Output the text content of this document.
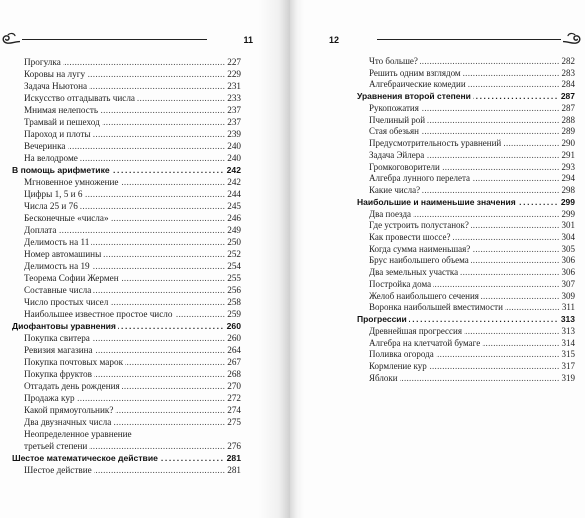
11	12
Прогулка .....	227
Коровы на лугу .....	229
Задача Ньютона .....	231
Искусство отгадывать числа .....	233
Мнимая нелепость .....	237
Трамвай и пешеход .....	237
Пароход и плоты .....	239
Вечеринка .....	240
На велодроме .....	240
В помощь арифметике .....	242
Мгновенное умножение .....	242
Цифры 1, 5 и 6 .....	244
Числа 25 и 76 .....	245
Бесконечные «числа» .....	246
Доплата .....	249
Делимость на 11 .....	250
Номер автомашины .....	252
Делимость на 19 .....	254
Теорема Софии Жермен .....	255
Составные числа .....	256
Число простых чисел .....	258
Наибольшее известное простое число .....	259
Диофантовы уравнения .....	260
Покупка свитера .....	260
Ревизия магазина .....	264
Покупка почтовых марок .....	267
Покупка фруктов .....	268
Отгадать день рождения .....	270
Продажа кур .....	272
Какой прямоугольник? .....	274
Два двузначных числа .....	275
Неопределенное уравнение
третьей степени .....	276
Шестое математическое действие .....	281
Шестое действие .....	281
Что больше? .....	282
Решить одним взглядом .....	283
Алгебраические комедии .....	284
Уравнения второй степени .....	287
Рукопожатия .....	287
Пчелиный рой .....	288
Стая обезьян .....	289
Предусмотрительность уравнений .....	290
Задача Эйлера .....	291
Громкоговорители .....	293
Алгебра лунного перелета .....	294
Какие числа? .....	298
Наибольшие и наименьшие значения .....	299
Два поезда .....	299
Где устроить полустанок? .....	301
Как провести шоссе? .....	304
Когда сумма наименьшая? .....	305
Брус наибольшего объема .....	306
Два земельных участка .....	306
Постройка дома .....	307
Желоб наибольшего сечения .....	309
Воронка наибольшей вместимости .....	311
Прогрессии .....	313
Древнейшая прогрессия .....	313
Алгебра на клетчатой бумаге .....	314
Поливка огорода .....	315
Кормление кур .....	317
Яблоки .....	319
